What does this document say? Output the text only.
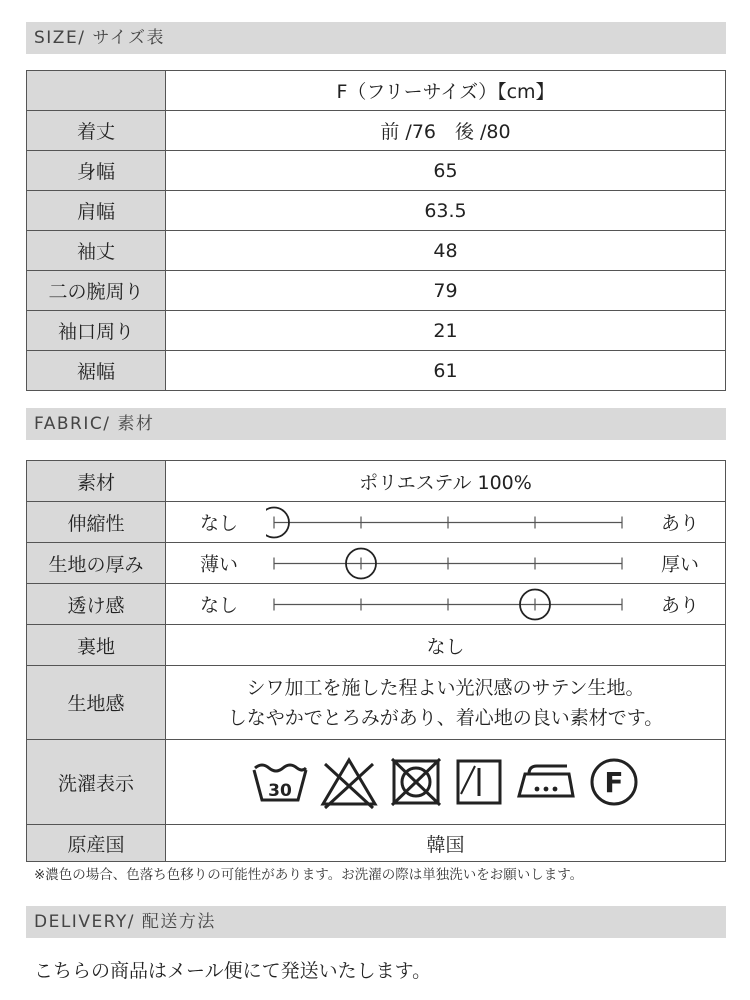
SIZE/ サイズ表
	F（フリーサイズ）【cm】
着丈	前 /76　後 /80
身幅	65
肩幅	63.5
袖丈	48
二の腕周り	79
袖口周り	21
裾幅	61
FABRIC/ 素材
素材	ポリエステル 100%
伸縮性	なし あり

生地の厚み	薄い 厚い

透け感	なし あり

裏地	なし
生地感	シワ加工を施した程よい光沢感のサテン生地。
しなやかでとろみがあり、着心地の良い素材です。

洗濯表示	30 F

原産国	韓国
※濃色の場合、色落ち色移りの可能性があります。お洗濯の際は単独洗いをお願いします。
DELIVERY/ 配送方法
こちらの商品はメール便にて発送いたします。
